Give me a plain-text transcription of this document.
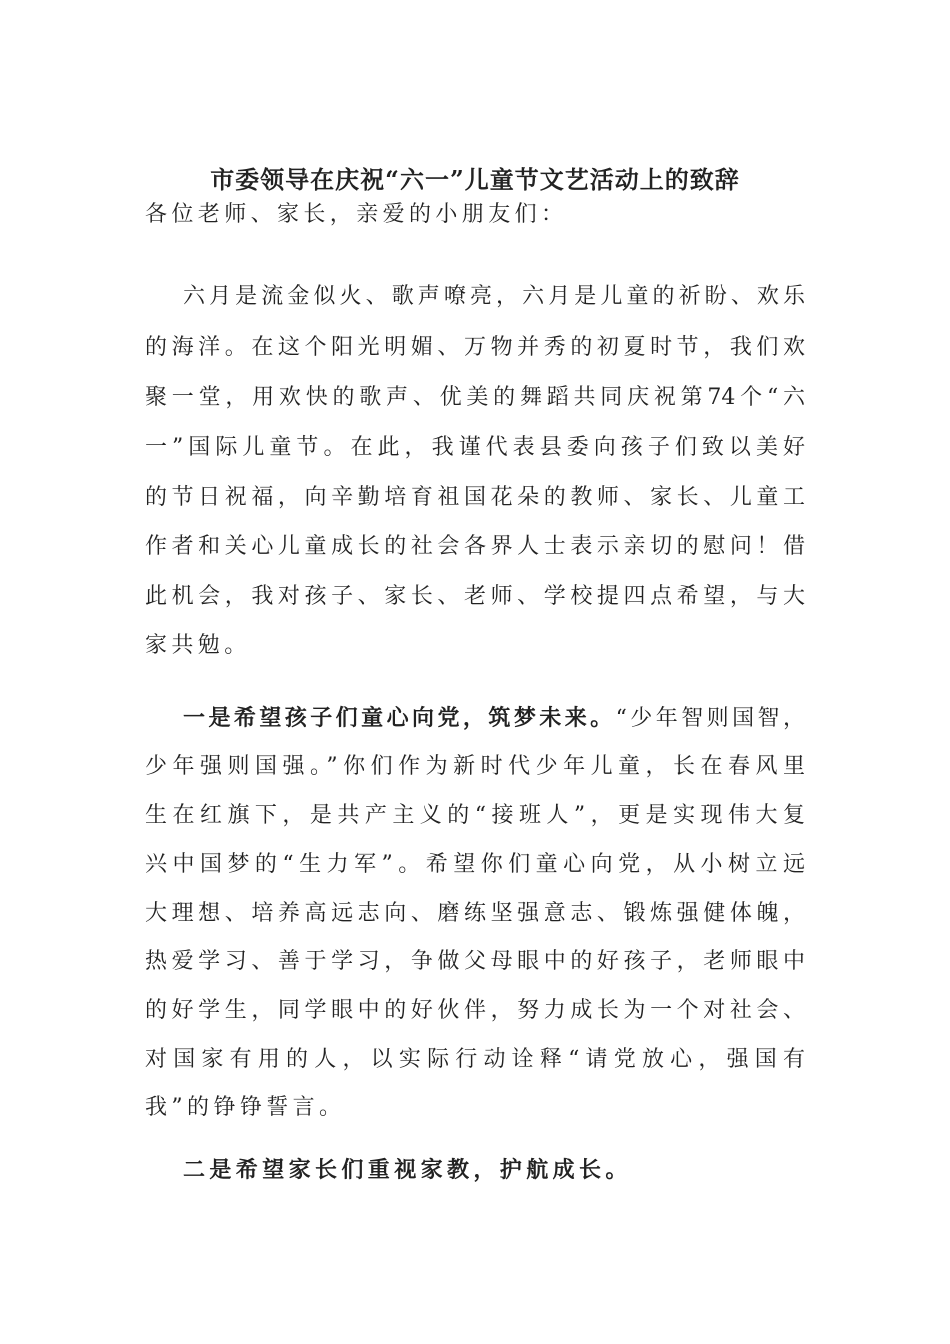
市委领导在庆祝“六一”儿童节文艺活动上的致辞
各位老师、家长，亲爱的小朋友们：
六月是流金似火、歌声嘹亮，六月是儿童的祈盼、欢乐
的海洋。在这个阳光明媚、万物并秀的初夏时节，我们欢
聚一堂，用欢快的歌声、优美的舞蹈共同庆祝第74个“六
一”国际儿童节。在此，我谨代表县委向孩子们致以美好
的节日祝福，向辛勤培育祖国花朵的教师、家长、儿童工
作者和关心儿童成长的社会各界人士表示亲切的慰问！借
此机会，我对孩子、家长、老师、学校提四点希望，与大
家共勉。
一是希望孩子们童心向党，筑梦未来。“少年智则国智，
少年强则国强。”你们作为新时代少年儿童，长在春风里
生在红旗下，是共产主义的“接班人”，更是实现伟大复
兴中国梦的“生力军”。希望你们童心向党，从小树立远
大理想、培养高远志向、磨练坚强意志、锻炼强健体魄，
热爱学习、善于学习，争做父母眼中的好孩子，老师眼中
的好学生，同学眼中的好伙伴，努力成长为一个对社会、
对国家有用的人，以实际行动诠释“请党放心，强国有
我”的铮铮誓言。
二是希望家长们重视家教，护航成长。
